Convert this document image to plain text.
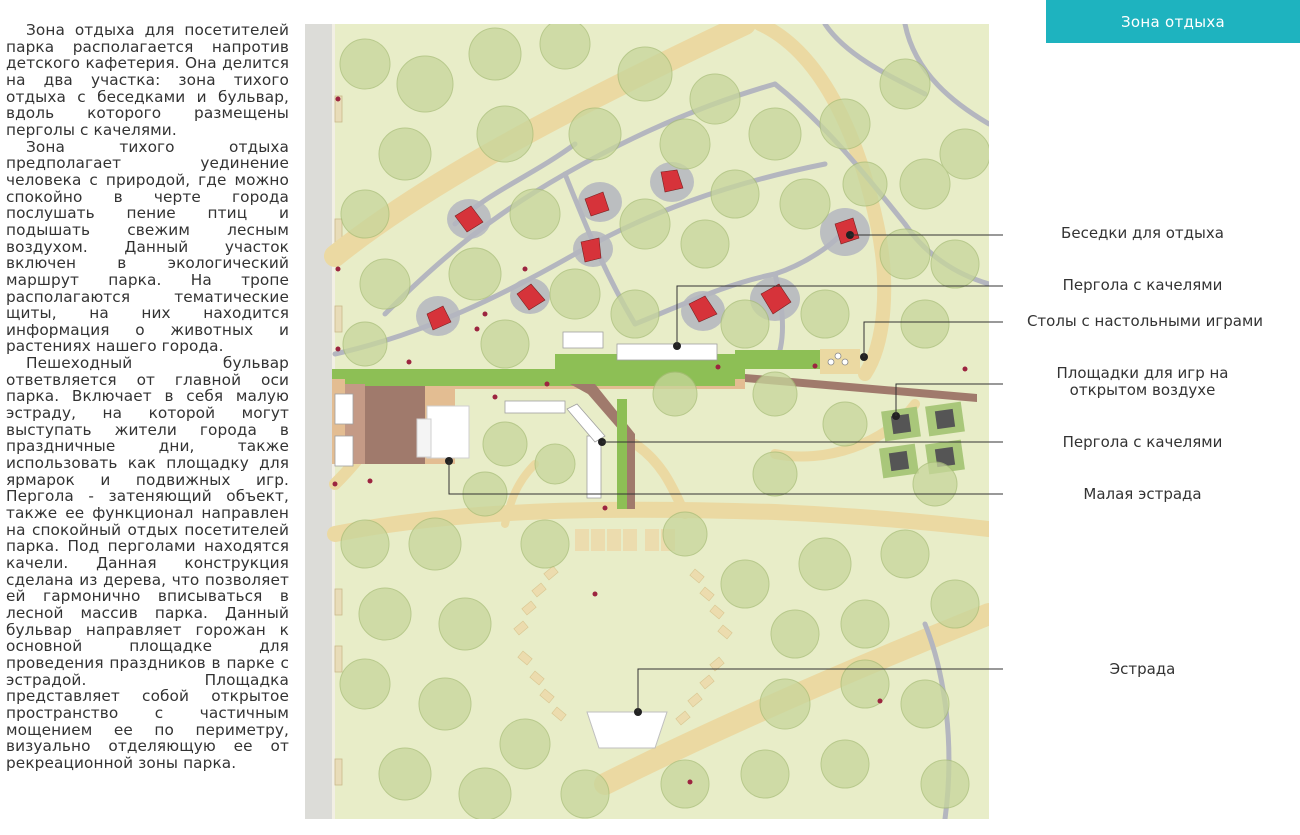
Зона отдыха

Зона отдыха для посетителей парка располагается напротив детского кафетерия. Она делится на два участка: зона тихого отдыха с беседками и бульвар, вдоль которого размещены перголы с качелями.

Зона тихого отдыха предполагает уединение человека с природой, где можно спокойно в черте города послушать пение птиц и подышать свежим лесным воздухом. Данный участок включен в экологический маршрут парка. На тропе располагаются тематические щиты, на них находится информация о животных и растениях нашего города.

Пешеходный бульвар ответвляется от главной оси парка. Включает в себя малую эстраду, на которой могут выступать жители города в праздничные дни, также использовать как площадку для ярмарок и подвижных игр. Пергола - затеняющий объект, также ее функционал направлен на спокойный отдых посетителей парка. Под перголами находятся качели. Данная конструкция сделана из дерева, что позволяет ей гармонично вписываться в лесной массив парка. Данный бульвар направляет горожан к основной площадке для проведения праздников в парке с эстрадой. Площадка представляет собой открытое пространство с частичным мощением ее по периметру, визуально отделяющую ее от рекреационной зоны парка.

Беседки для отдыха
Пергола с качелями
Столы с настольными играми
Площадки для игр на открытом воздухе
Пергола с качелями
Малая эстрада
Эстрада
